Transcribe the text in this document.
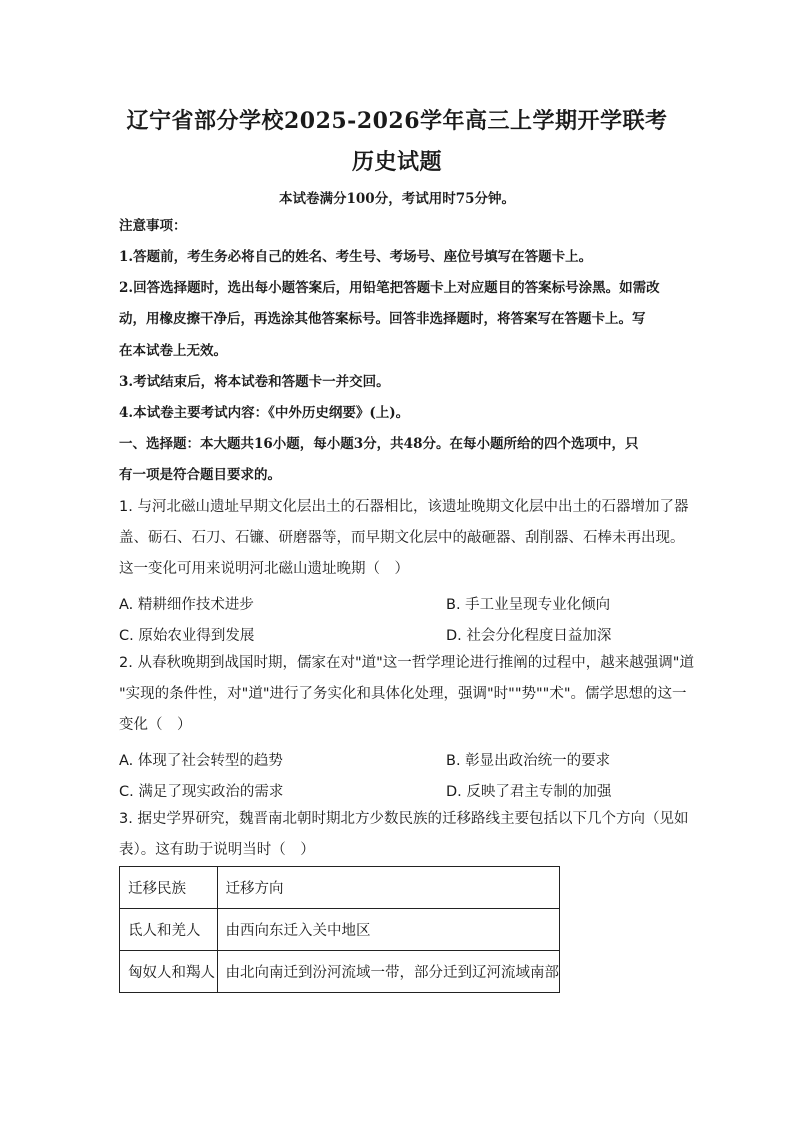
辽宁省部分学校2025-2026学年高三上学期开学联考
历史试题
本试卷满分100分，考试用时75分钟。
注意事项：
1.答题前，考生务必将自己的姓名、考生号、考场号、座位号填写在答题卡上。
2.回答选择题时，选出每小题答案后，用铅笔把答题卡上对应题目的答案标号涂黑。如需改
动，用橡皮擦干净后，再选涂其他答案标号。回答非选择题时，将答案写在答题卡上。写
在本试卷上无效。
3.考试结束后，将本试卷和答题卡一并交回。
4.本试卷主要考试内容：《中外历史纲要》(上)。
一、选择题：本大题共16小题，每小题3分，共48分。在每小题所给的四个选项中，只
有一项是符合题目要求的。
1. 与河北磁山遗址早期文化层出土的石器相比，该遗址晚期文化层中出土的石器增加了器
盖、砺石、石刀、石镰、研磨器等，而早期文化层中的敲砸器、刮削器、石棒未再出现。
这一变化可用来说明河北磁山遗址晚期（　）
A. 精耕细作技术进步	B. 手工业呈现专业化倾向
C. 原始农业得到发展	D. 社会分化程度日益加深
2. 从春秋晚期到战国时期，儒家在对"道"这一哲学理论进行推阐的过程中，越来越强调"道
"实现的条件性，对"道"进行了务实化和具体化处理，强调"时""势""术"。儒学思想的这一
变化（　）
A. 体现了社会转型的趋势	B. 彰显出政治统一的要求
C. 满足了现实政治的需求	D. 反映了君主专制的加强
3. 据史学界研究，魏晋南北朝时期北方少数民族的迁移路线主要包括以下几个方向（见如
表）。这有助于说明当时（　）
迁移民族	迁移方向
氐人和羌人	由西向东迁入关中地区
匈奴人和羯人	由北向南迁到汾河流域一带，部分迁到辽河流域南部
